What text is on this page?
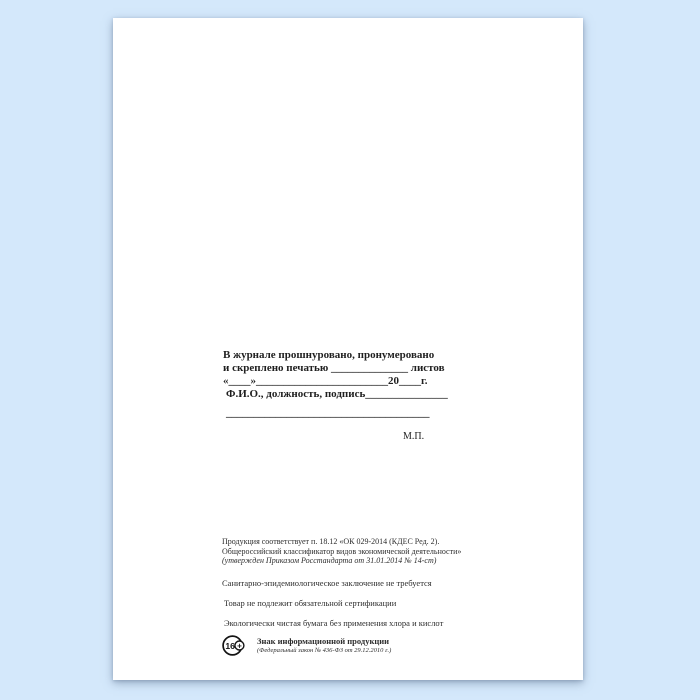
В журнале прошнуровано, пронумеровано
и скреплено печатью ______________ листов
«____»________________________20____г.
Ф.И.О., должность, подпись_______________
_____________________________________
М.П.
Продукция соответствует п. 18.12 «ОК 029-2014 (КДЕС Ред. 2).
Общероссийский классификатор видов экономической деятельности»
(утвержден Приказом Росстандарта от 31.01.2014 № 14-ст)
Санитарно-эпидемиологическое заключение не требуется
Товар не подлежит обязательной сертификации
Экологически чистая бумага без применения хлора и кислот
16 + Знак информационной продукции
(Федеральный закон № 436-ФЗ от 29.12.2010 г.)
